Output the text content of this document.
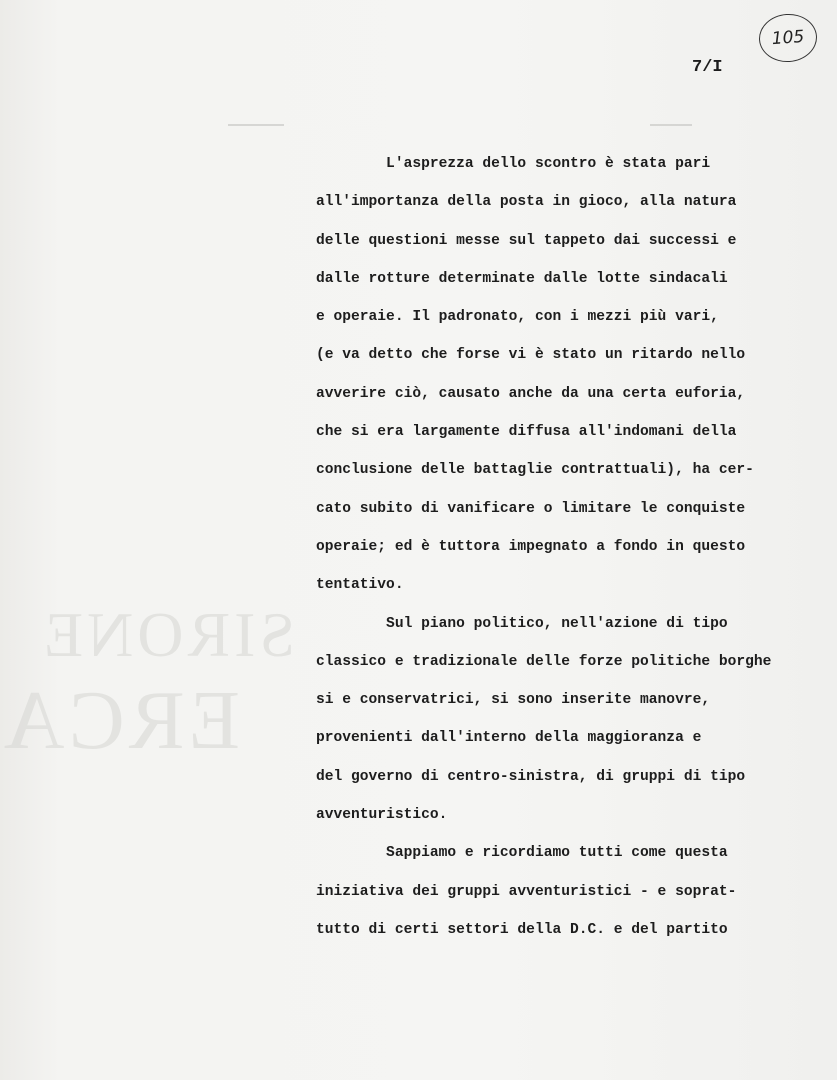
SIRONE
ERCA
105
7/I
L'asprezza dello scontro è stata pari
all'importanza della posta in gioco, alla natura
delle questioni messe sul tappeto dai successi e
dalle rotture determinate dalle lotte sindacali
e operaie. Il padronato, con i mezzi più vari,
(e va detto che forse vi è stato un ritardo nello
avverire ciò, causato anche da una certa euforia,
che si era largamente diffusa all'indomani della
conclusione delle battaglie contrattuali), ha cer-
cato subito di vanificare o limitare le conquiste
operaie; ed è tuttora impegnato a fondo in questo
tentativo.
Sul piano politico, nell'azione di tipo
classico e tradizionale delle forze politiche borghe
si e conservatrici, si sono inserite manovre,
provenienti dall'interno della maggioranza e
del governo di centro-sinistra, di gruppi di tipo
avventuristico.
Sappiamo e ricordiamo tutti come questa
iniziativa dei gruppi avventuristici - e soprat-
tutto di certi settori della D.C. e del partito
